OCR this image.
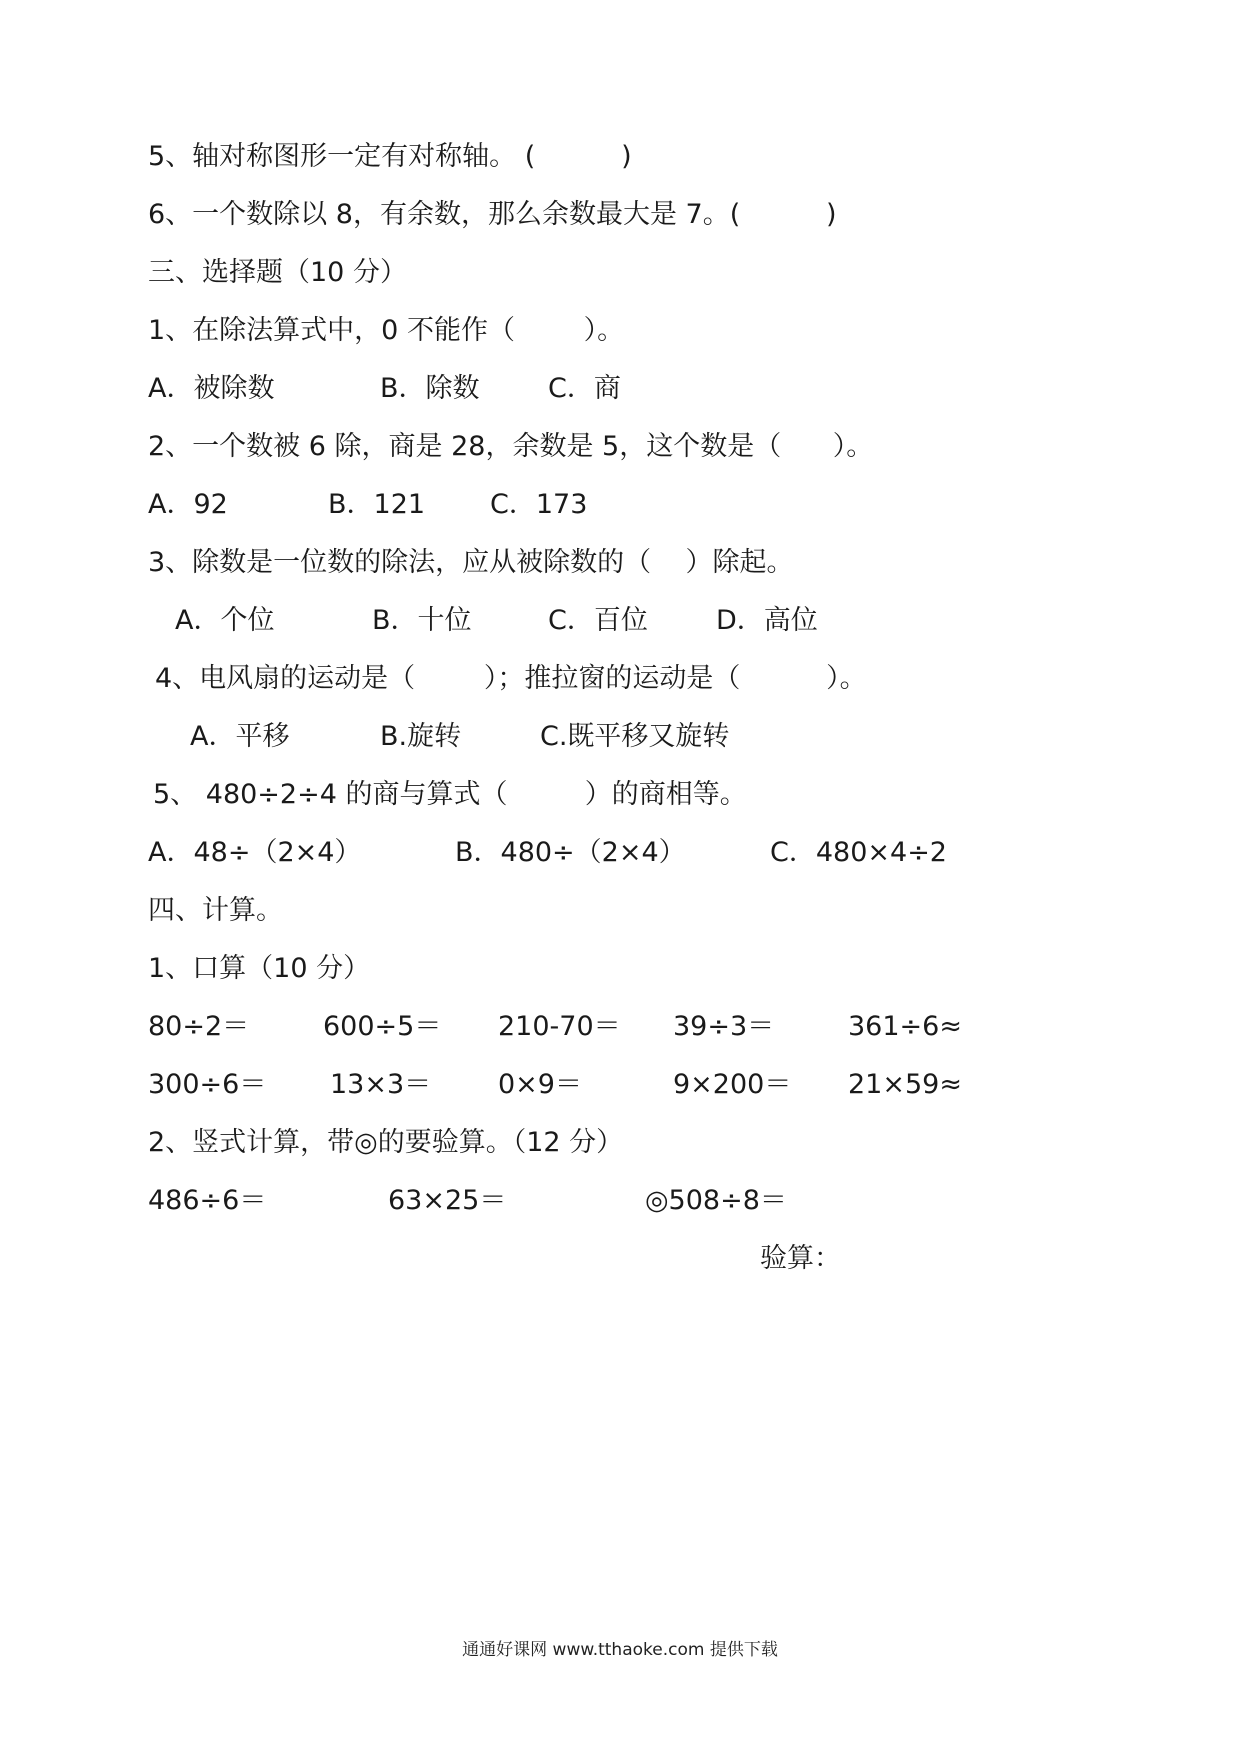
5、轴对称图形一定有对称轴。 (          )
6、一个数除以 8，有余数，那么余数最大是 7。(          )
三、选择题（10 分）
1、在除法算式中，0 不能作（        ）。
A．被除数	B．除数	C．商
2、一个数被 6 除，商是 28，余数是 5，这个数是（      ）。
A．92	B．121 C．173
3、除数是一位数的除法，应从被除数的（    ）除起。
A．个位	B．十位	C．百位	D．高位
4、电风扇的运动是（        ）；推拉窗的运动是（          ）。
A．平移	B.旋转	C.既平移又旋转
5、 480÷2÷4 的商与算式（         ）的商相等。
A．48÷（2×4）	B．480÷（2×4）	C．480×4÷2
四、计算。
1、口算（10 分）
80÷2＝	600÷5＝ 210-70＝ 39÷3＝	361÷6≈
300÷6＝ 13×3＝ 0×9＝	9×200＝ 21×59≈
2、竖式计算，带◎的要验算。（12 分）
486÷6＝	63×25＝	◎508÷8＝
验算：
通通好课网 www.tthaoke.com 提供下载
